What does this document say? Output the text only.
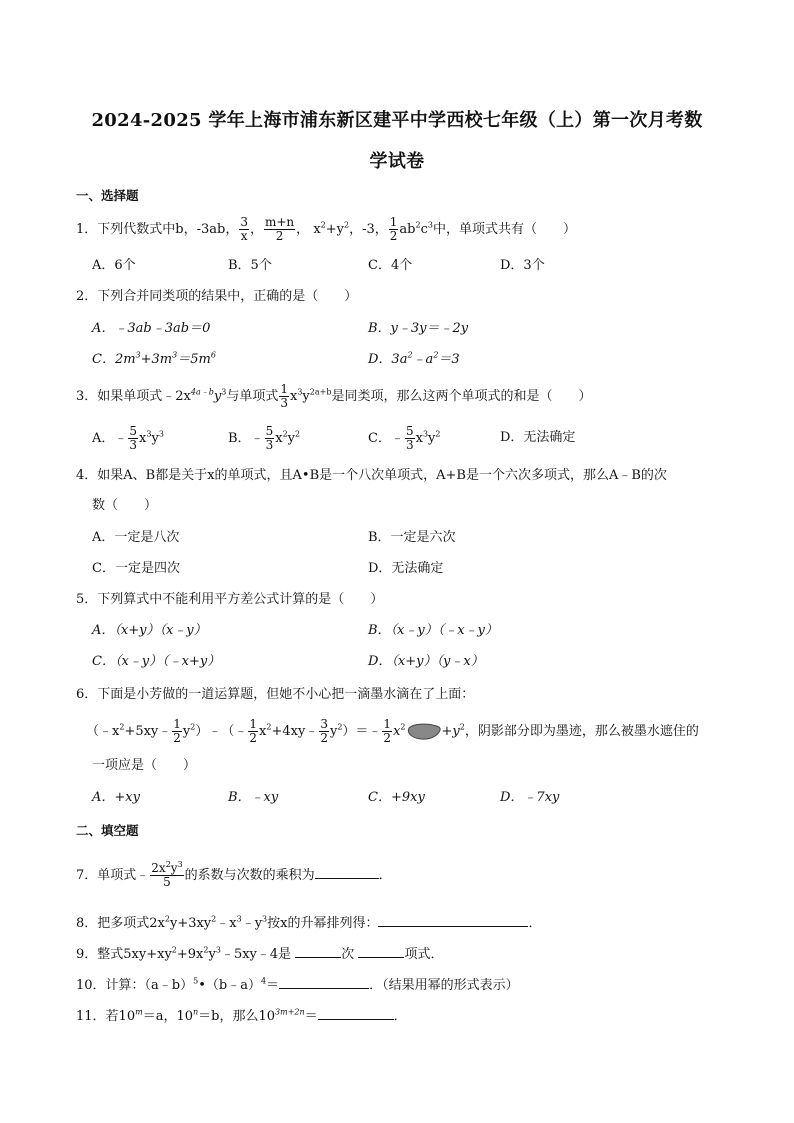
2024-2025 学年上海市浦东新区建平中学西校七年级（上）第一次月考数
学试卷
一、选择题
1．下列代数式中b，-3ab， $\frac{3}{x}$ ， $\frac{m+n}{2}$ ， $x^2+y^2$，-3， $\frac{1}{2} ab^2c^3$中，单项式共有（　　）
A．6个	B．5个	C．4个	D．3个
2．下列合并同类项的结果中，正确的是（　　）
A．﹣3ab﹣3ab＝0	B．y﹣3y＝﹣2y
C．$2m^3+3m^3=5m^6$	D．$3a^2﹣a^2=3$
3．如果单项式$﹣2x^{4a﹣b}y^3$与单项式 $\frac{1}{3} x^3y^{2a+b}$是同类项，那么这两个单项式的和是（　　）
A．﹣ $\frac{5}{3} x^3y^3$	B．﹣ $\frac{5}{3} x^2y^2$	C．﹣ $\frac{5}{3} x^3y^2$	D．无法确定
4．如果A、B都是关于x的单项式，且A•B是一个八次单项式，A+B是一个六次多项式，那么A﹣B的次
数（　　）
A．一定是八次	B．一定是六次
C．一定是四次	D．无法确定
5．下列算式中不能利用平方差公式计算的是（　　）
A．（x+y）（x﹣y）	B．（x﹣y）（﹣x﹣y）
C．（x﹣y）（﹣x+y）	D．（x+y）（y﹣x）
6．下面是小芳做的一道运算题，但她不小心把一滴墨水滴在了上面：
（$﹣x^2+5xy﹣ \frac{1}{2}$ $y^2)﹣(﹣ \frac{1}{2}$ $x^2+4xy﹣ \frac{3}{2}$ $y^2)=﹣ \frac{1}{2} x^2$	$+y^2$，阴影部分即为墨迹，那么被墨水遮住的
一项应是（　　）
A．+xy	B．﹣xy	C．+9xy	D．﹣7xy
二、填空题
7．单项式﹣ $\frac{2x^2y^3}{5}$ 的系数与次数的乘积为	．
8．把多项式$2x^2y+3xy^2﹣x^3﹣y^3$按x的升幂排列得：	．
9．整式$5xy+xy^2+9x^2y^3﹣5xy﹣4$是	次	项式．
10．计算：（a﹣b）$^5$•（b﹣a）$^4$＝	．（结果用幂的形式表示）
11．若$10^m=a$，$10^n=b$，那么$10^{3m+2n}=$	．
